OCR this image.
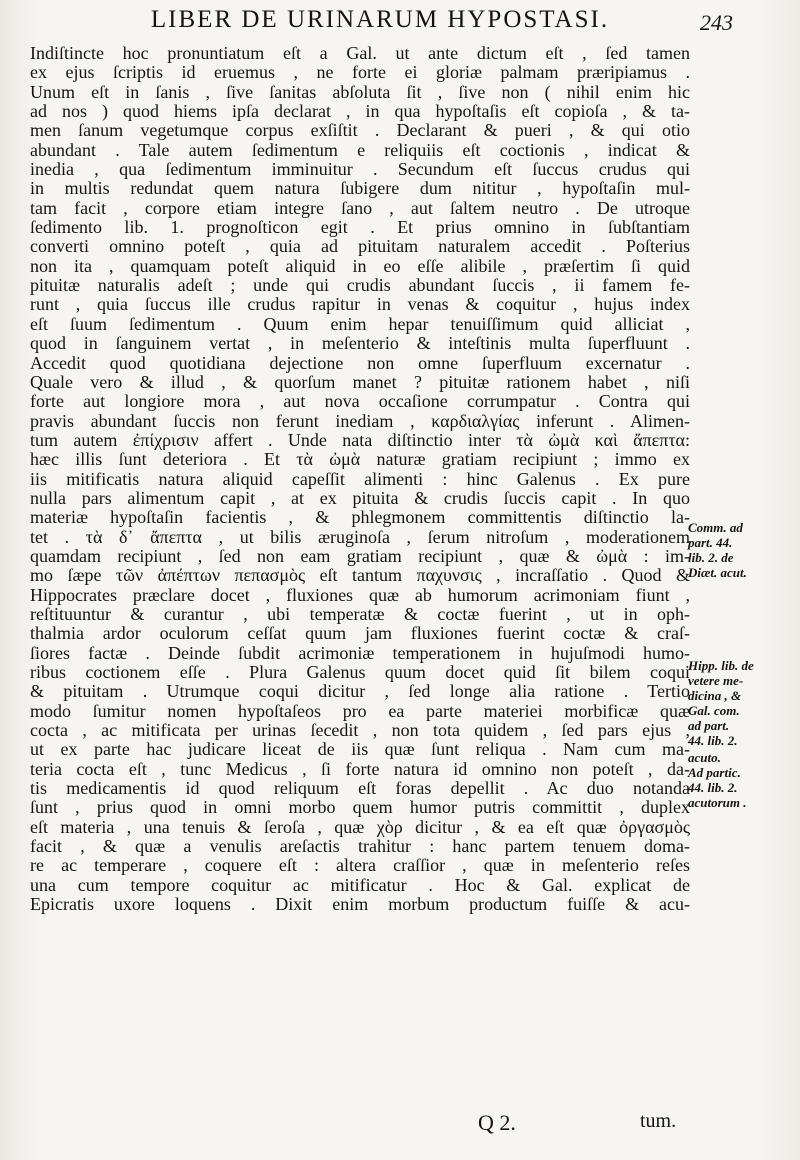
LIBER DE URINARUM HYPOSTASI.	243
Indiſtincte hoc pronuntiatum eſt a Gal. ut ante dictum eſt , ſed tamen
ex ejus ſcriptis id eruemus , ne forte ei gloriæ palmam præripiamus .
Unum eſt in ſanis , ſive ſanitas abſoluta ſit , ſive non ( nihil enim hic
ad nos ) quod hiems ipſa declarat , in qua hypoſtaſis eſt copioſa , & ta-
men ſanum vegetumque corpus exſiſtit . Declarant & pueri , & qui otio
abundant . Tale autem ſedimentum e reliquiis eſt coctionis , indicat &
inedia , qua ſedimentum imminuitur . Secundum eſt ſuccus crudus qui
in multis redundat quem natura ſubigere dum nititur , hypoſtaſin mul-
tam facit , corpore etiam integre ſano , aut ſaltem neutro . De utroque
ſedimento lib. 1. prognoſticon egit . Et prius omnino in ſubſtantiam
converti omnino poteſt , quia ad pituitam naturalem accedit . Poſterius
non ita , quamquam poteſt aliquid in eo eſſe alibile , præſertim ſi quid
pituitæ naturalis adeſt ; unde qui crudis abundant ſuccis , ii famem fe-
runt , quia ſuccus ille crudus rapitur in venas & coquitur , hujus index
eſt ſuum ſedimentum . Quum enim hepar tenuiſſimum quid alliciat ,
quod in ſanguinem vertat , in meſenterio & inteſtinis multa ſuperfluunt .
Accedit quod quotidiana dejectione non omne ſuperfluum excernatur .
Quale vero & illud , & quorſum manet ? pituitæ rationem habet , niſi
forte aut longiore mora , aut nova occaſione corrumpatur . Contra qui
pravis abundant ſuccis non ferunt inediam , καρδιαλγίας inferunt . Alimen-
tum autem ἐπίχρισιν affert . Unde nata diſtinctio inter τὰ ὠμὰ καὶ ἄπεπτα:
hæc illis ſunt deteriora . Et τὰ ὠμὰ naturæ gratiam recipiunt ; immo ex
iis mitificatis natura aliquid capeſſit alimenti : hinc Galenus . Ex pure
nulla pars alimentum capit , at ex pituita & crudis ſuccis capit . In quo
materiæ hypoſtaſin facientis , & phlegmonem committentis diſtinctio la-
tet . τὰ δ᾽ ἄπεπτα , ut bilis æruginoſa , ſerum nitroſum , moderationem
quamdam recipiunt , ſed non eam gratiam recipiunt , quæ & ὠμὰ : im-
mo ſæpe τῶν ἀπέπτων πεπασμὸς eſt tantum παχυνσις , incraſſatio . Quod &
Hippocrates præclare docet , fluxiones quæ ab humorum acrimoniam fiunt ,
reſtituuntur & curantur , ubi temperatæ & coctæ fuerint , ut in oph-
thalmia ardor oculorum ceſſat quum jam fluxiones fuerint coctæ & craſ-
ſiores factæ . Deinde ſubdit acrimoniæ temperationem in hujuſmodi humo-
ribus coctionem eſſe . Plura Galenus quum docet quid ſit bilem coqui
& pituitam . Utrumque coqui dicitur , ſed longe alia ratione . Tertio
modo ſumitur nomen hypoſtaſeos pro ea parte materiei morbificæ quæ
cocta , ac mitificata per urinas ſecedit , non tota quidem , ſed pars ejus ,
ut ex parte hac judicare liceat de iis quæ ſunt reliqua . Nam cum ma-
teria cocta eſt , tunc Medicus , ſi forte natura id omnino non poteſt , da-
tis medicamentis id quod reliquum eſt foras depellit . Ac duo notanda
ſunt , prius quod in omni morbo quem humor putris committit , duplex
eſt materia , una tenuis & ſeroſa , quæ χὸρ dicitur , & ea eſt quæ ὀργασμὸς
facit , & quæ a venulis areſactis trahitur : hanc partem tenuem doma-
re ac temperare , coquere eſt : altera craſſior , quæ in meſenterio reſes
una cum tempore coquitur ac mitificatur . Hoc & Gal. explicat de
Epicratis uxore loquens . Dixit enim morbum productum fuiſſe & acu-
Comm. ad
part. 44.
lib. 2. de
Diæt. acut.
Hipp. lib. de
vetere me-
dicina , &
Gal. com.
ad part.
44. lib. 2.
acuto.
Ad partic.
44. lib. 2.
acutorum .
Q 2.	tum.
